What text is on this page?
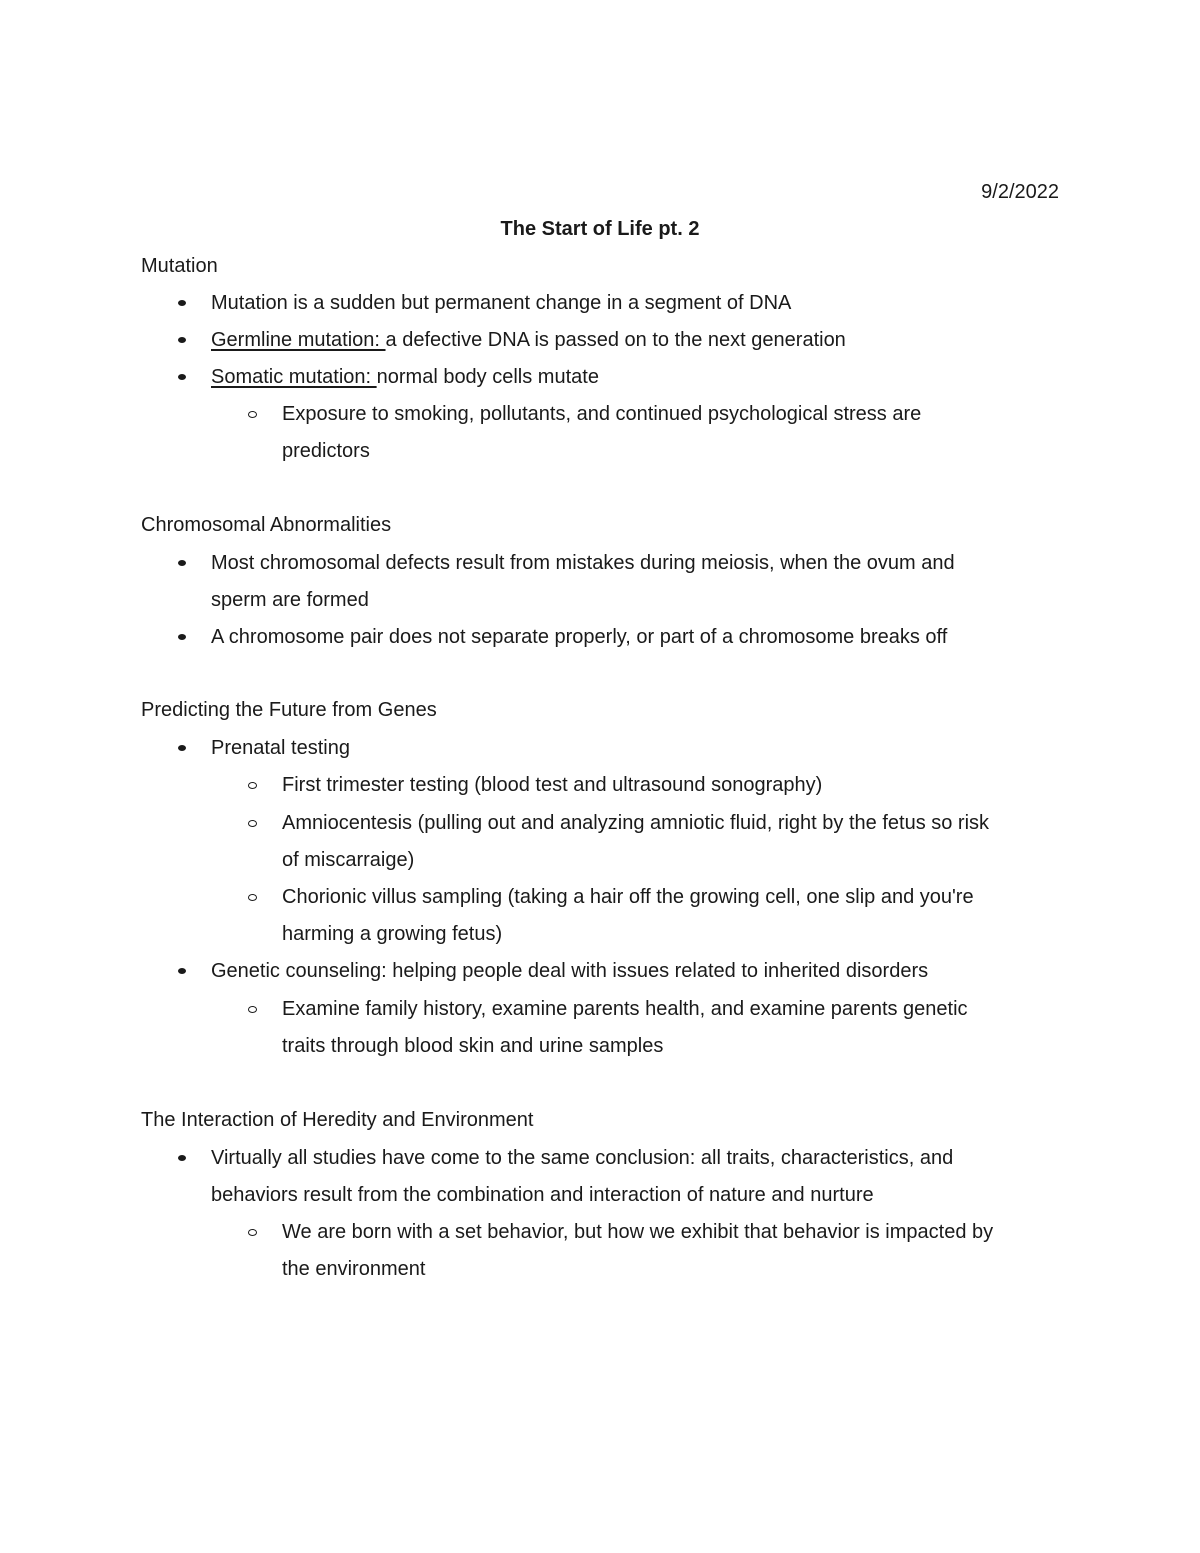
9/2/2022
The Start of Life pt. 2
Mutation
Mutation is a sudden but permanent change in a segment of DNA
Germline mutation: a defective DNA is passed on to the next generation
Somatic mutation: normal body cells mutate
Exposure to smoking, pollutants, and continued psychological stress are
predictors
Chromosomal Abnormalities
Most chromosomal defects result from mistakes during meiosis, when the ovum and
sperm are formed
A chromosome pair does not separate properly, or part of a chromosome breaks off
Predicting the Future from Genes
Prenatal testing
First trimester testing (blood test and ultrasound sonography)
Amniocentesis (pulling out and analyzing amniotic fluid, right by the fetus so risk
of miscarraige)
Chorionic villus sampling (taking a hair off the growing cell, one slip and you're
harming a growing fetus)
Genetic counseling: helping people deal with issues related to inherited disorders
Examine family history, examine parents health, and examine parents genetic
traits through blood skin and urine samples
The Interaction of Heredity and Environment
Virtually all studies have come to the same conclusion: all traits, characteristics, and
behaviors result from the combination and interaction of nature and nurture
We are born with a set behavior, but how we exhibit that behavior is impacted by
the environment
